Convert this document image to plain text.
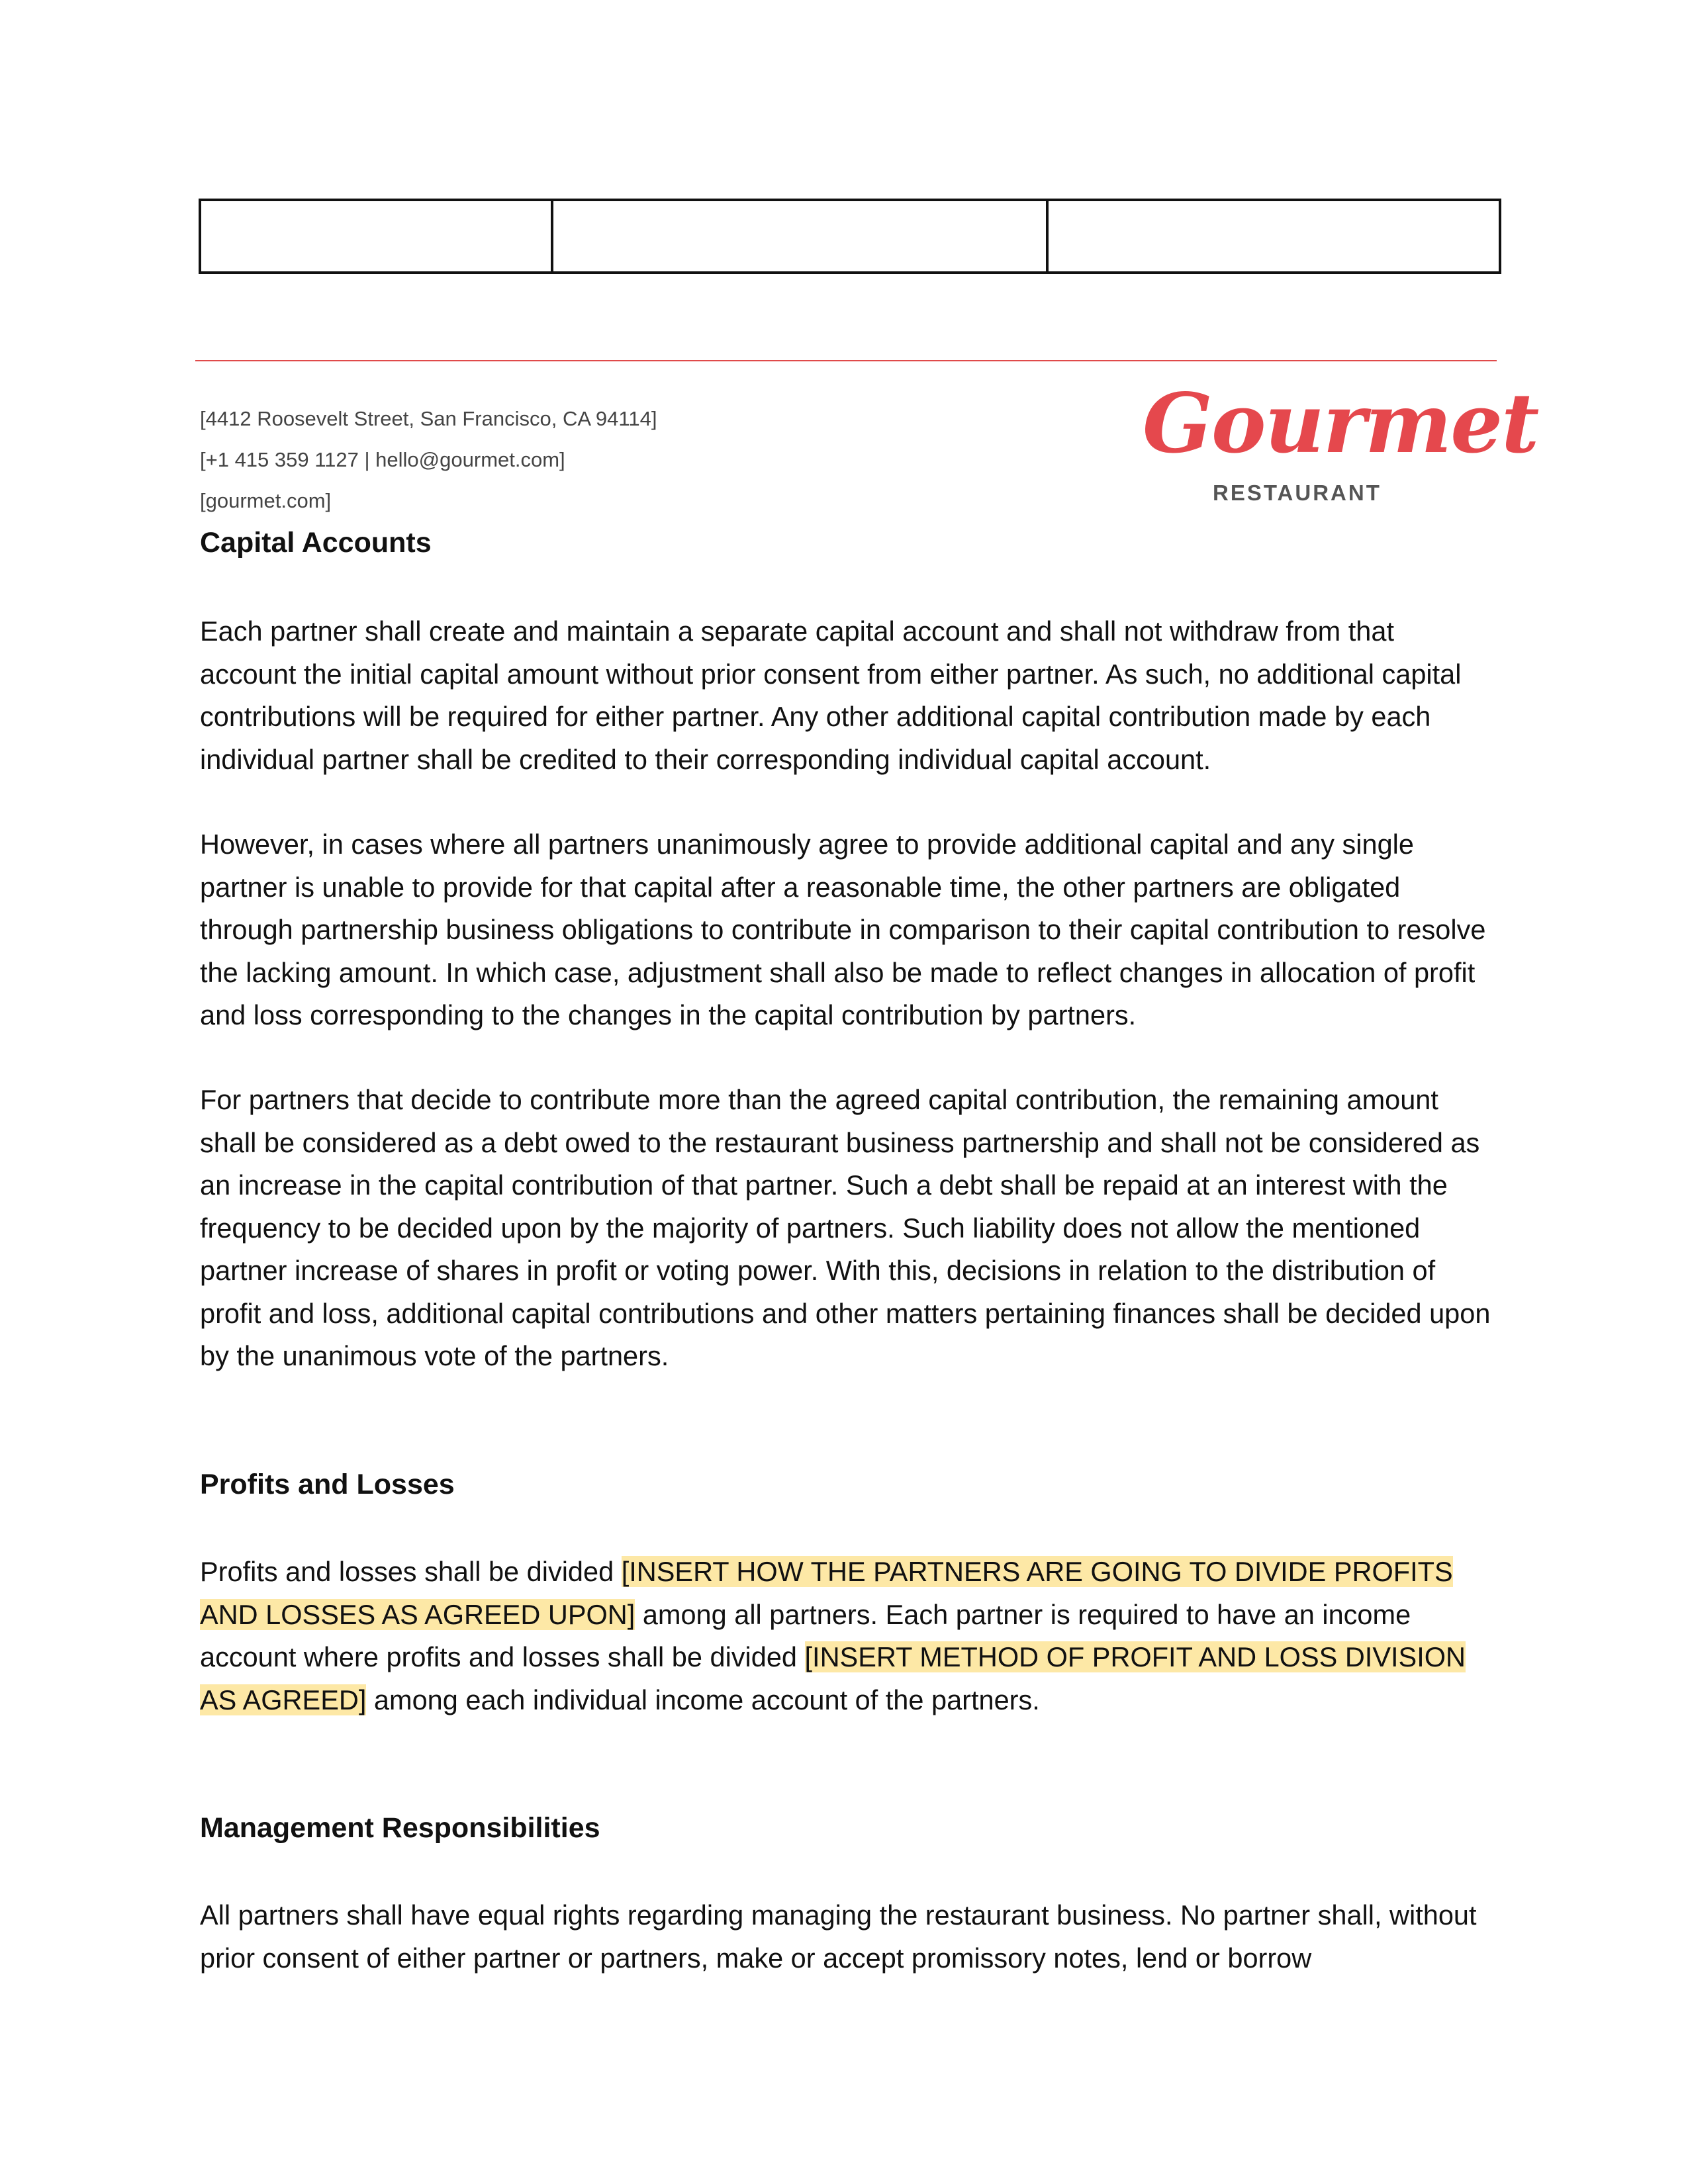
[4412 Roosevelt Street, San Francisco, CA 94114]
[+1 415 359 1127 | hello@gourmet.com]
[gourmet.com]
Gourmet
RESTAURANT
Capital Accounts

Each partner shall create and maintain a separate capital account and shall not withdraw from that account the initial capital amount without prior consent from either partner. As such, no additional capital contributions will be required for either partner. Any other additional capital contribution made by each individual partner shall be credited to their corresponding individual capital account.

However, in cases where all partners unanimously agree to provide additional capital and any single partner is unable to provide for that capital after a reasonable time, the other partners are obligated through partnership business obligations to contribute in comparison to their capital contribution to resolve the lacking amount. In which case, adjustment shall also be made to reflect changes in allocation of profit and loss corresponding to the changes in the capital contribution by partners.

For partners that decide to contribute more than the agreed capital contribution, the remaining amount shall be considered as a debt owed to the restaurant business partnership and shall not be considered as an increase in the capital contribution of that partner. Such a debt shall be repaid at an interest with the frequency to be decided upon by the majority of partners. Such liability does not allow the mentioned partner increase of shares in profit or voting power. With this, decisions in relation to the distribution of profit and loss, additional capital contributions and other matters pertaining finances shall be decided upon by the unanimous vote of the partners.

Profits and Losses

Profits and losses shall be divided [INSERT HOW THE PARTNERS ARE GOING TO DIVIDE PROFITS AND LOSSES AS AGREED UPON] among all partners. Each partner is required to have an income account where profits and losses shall be divided [INSERT METHOD OF PROFIT AND LOSS DIVISION AS AGREED] among each individual income account of the partners.

Management Responsibilities

All partners shall have equal rights regarding managing the restaurant business. No partner shall, without prior consent of either partner or partners, make or accept promissory notes, lend or borrow
